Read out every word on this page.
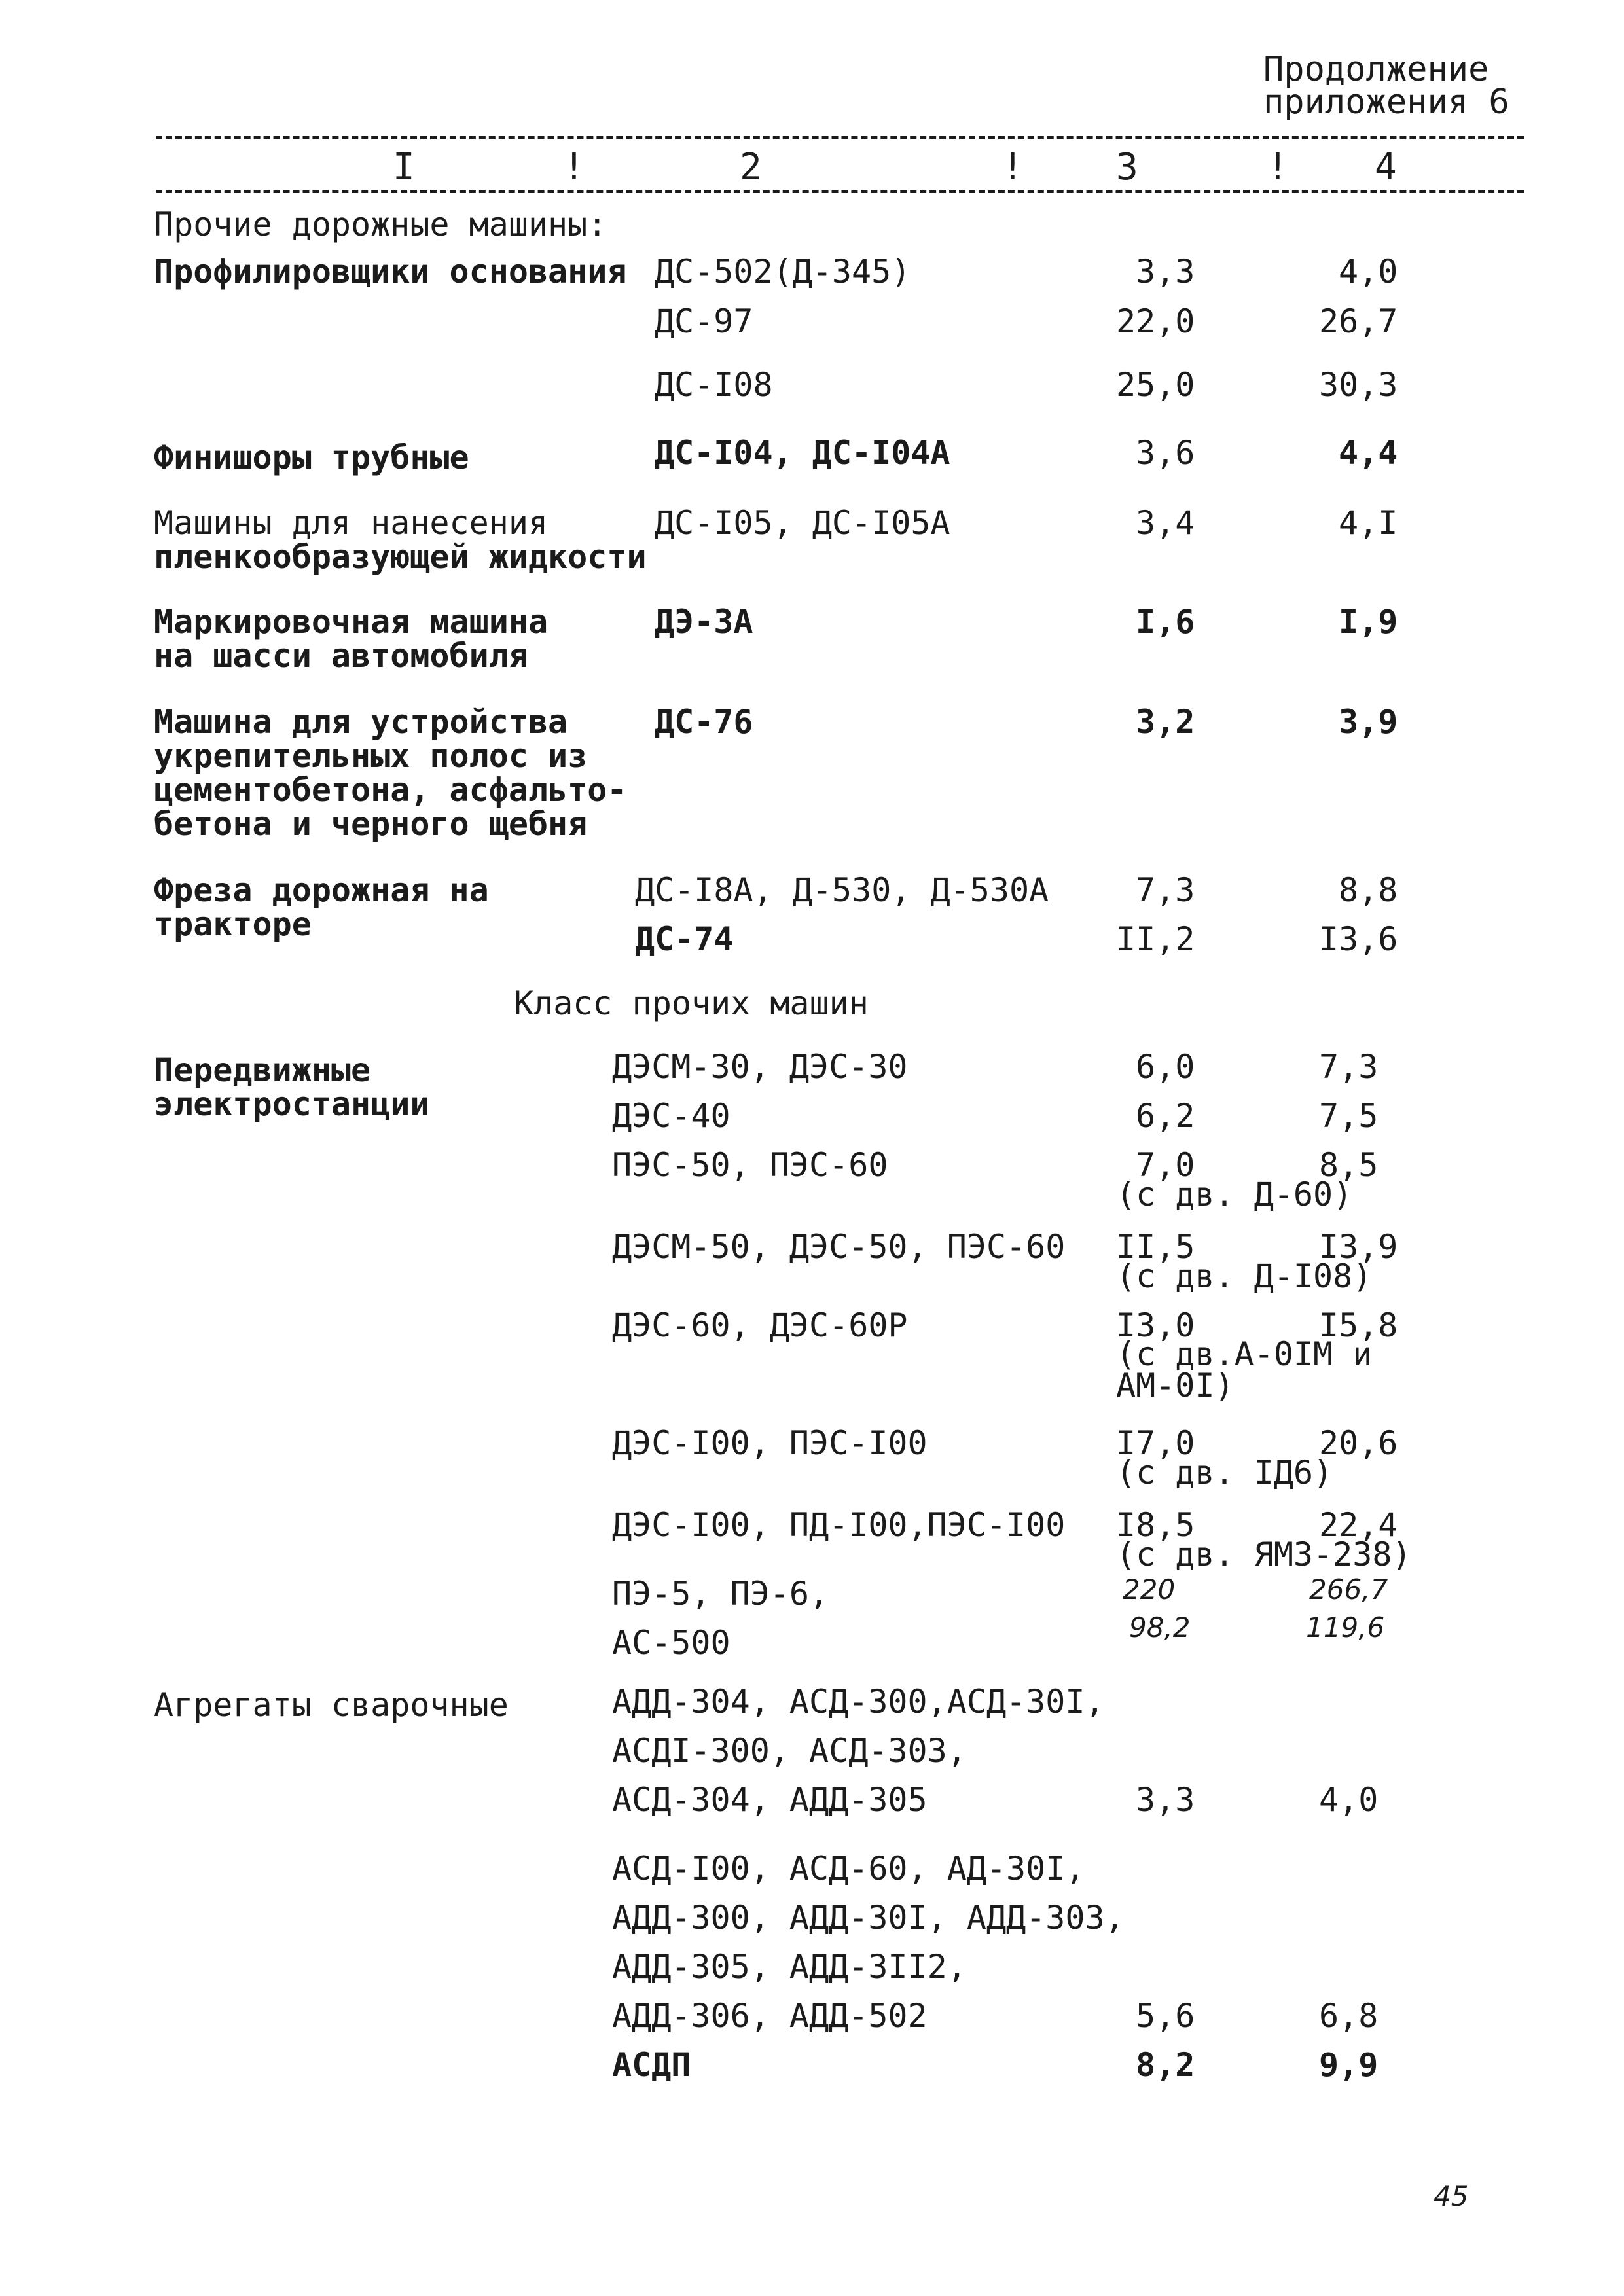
Продолжение
приложения 6
I	!	2	!	3	! 4
Прочие дорожные машины:
Профилировщики основания ДС-502(Д-345)	3,3	4,0
ДС-97	22,0	26,7
ДС-I08	25,0	30,3
Финишоры трубные	ДС-I04, ДС-I04А	3,6	4,4
Машины для нанесения
пленкообразующей жидкости
ДС-I05, ДС-I05А	3,4	4,I
Маркировочная машина
на шасси автомобиля
ДЭ-3А	I,6	I,9
Машина для устройства
укрепительных полос из
цементобетона, асфальто-
бетона и черного щебня
ДС-76	3,2	3,9
Фреза дорожная на
тракторе
ДС-I8А, Д-530, Д-530А	7,3	8,8
ДС-74	II,2	I3,6
Класс прочих машин
Передвижные
электростанции
ДЭСМ-30, ДЭС-30	6,0	7,3
ДЭС-40	6,2	7,5
ПЭС-50, ПЭС-60	7,0	8,5
(с дв. Д-60)
ДЭСМ-50, ДЭС-50, ПЭС-60 II,5	I3,9
(с дв. Д-I08)
ДЭС-60, ДЭС-60Р	I3,0	I5,8
(с дв.А-0IМ и
АМ-0I)
ДЭС-I00, ПЭС-I00	I7,0	20,6
(с дв. IД6)
ДЭС-I00, ПД-I00,ПЭС-I00 I8,5	22,4
(с дв. ЯМЗ-238)
ПЭ-5, ПЭ-6,	220	266,7
АС-500	98,2	119,6
Агрегаты сварочные	АДД-304, АСД-300,АСД-30I,
АСДI-300, АСД-303,
АСД-304, АДД-305	3,3	4,0
АСД-I00, АСД-60, АД-30I,
АДД-300, АДД-30I, АДД-303,
АДД-305, АДД-3II2,
АДД-306, АДД-502	5,6	6,8
АСДП	8,2	9,9
45
